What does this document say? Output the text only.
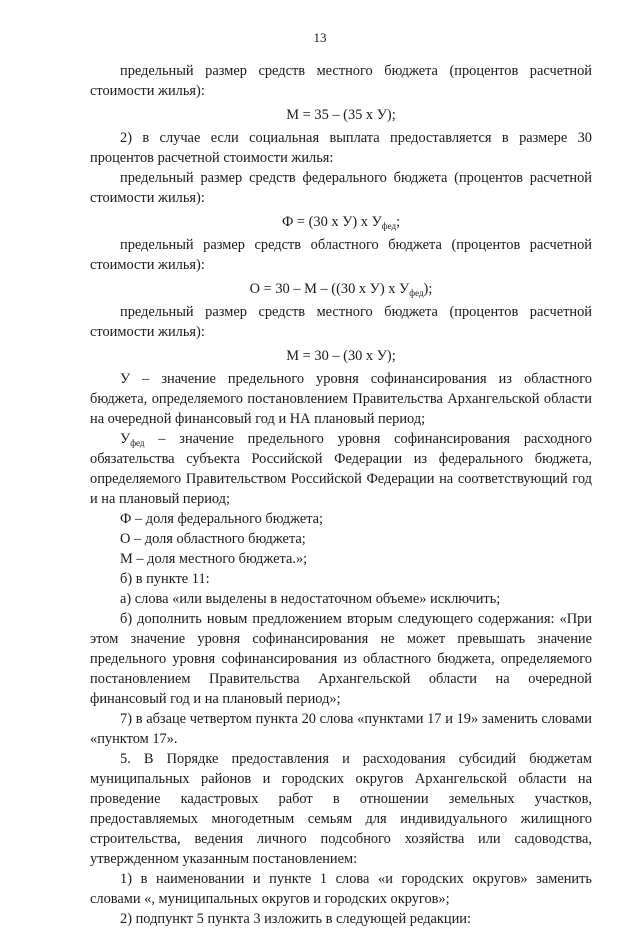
13

предельный размер средств местного бюджета (процентов расчетной стоимости жилья):

М = 35 – (35 х У);

2) в случае если социальная выплата предоставляется в размере 30 процентов расчетной стоимости жилья:

предельный размер средств федерального бюджета (процентов расчетной стоимости жилья):

Ф = (30 х У) х $У_{фед}$;

предельный размер средств областного бюджета (процентов расчетной стоимости жилья):

О = 30 – М – ((30 х У) х $У_{фед}$);

предельный размер средств местного бюджета (процентов расчетной стоимости жилья):

М = 30 – (30 х У);

У – значение предельного уровня софинансирования из областного бюджета, определяемого постановлением Правительства Архангельской области на очередной финансовый год и НА плановый период;

$У_{фед}$ – значение предельного уровня софинансирования расходного обязательства субъекта Российской Федерации из федерального бюджета, определяемого Правительством Российской Федерации на соответствующий год и на плановый период;

Ф – доля федерального бюджета;

О – доля областного бюджета;

М – доля местного бюджета.»;

б) в пункте 11:

а) слова «или выделены в недостаточном объеме» исключить;

б) дополнить новым предложением вторым следующего содержания: «При этом значение уровня софинансирования не может превышать значение предельного уровня софинансирования из областного бюджета, определяемого постановлением Правительства Архангельской области на очередной финансовый год и на плановый период»;

7) в абзаце четвертом пункта 20 слова «пунктами 17 и 19» заменить словами «пунктом 17».

5. В Порядке предоставления и расходования субсидий бюджетам муниципальных районов и городских округов Архангельской области на проведение кадастровых работ в отношении земельных участков, предоставляемых многодетным семьям для индивидуального жилищного строительства, ведения личного подсобного хозяйства или садоводства, утвержденном указанным постановлением:

1) в наименовании и пункте 1 слова «и городских округов» заменить словами «, муниципальных округов и городских округов»;

2) подпункт 5 пункта 3 изложить в следующей редакции:
